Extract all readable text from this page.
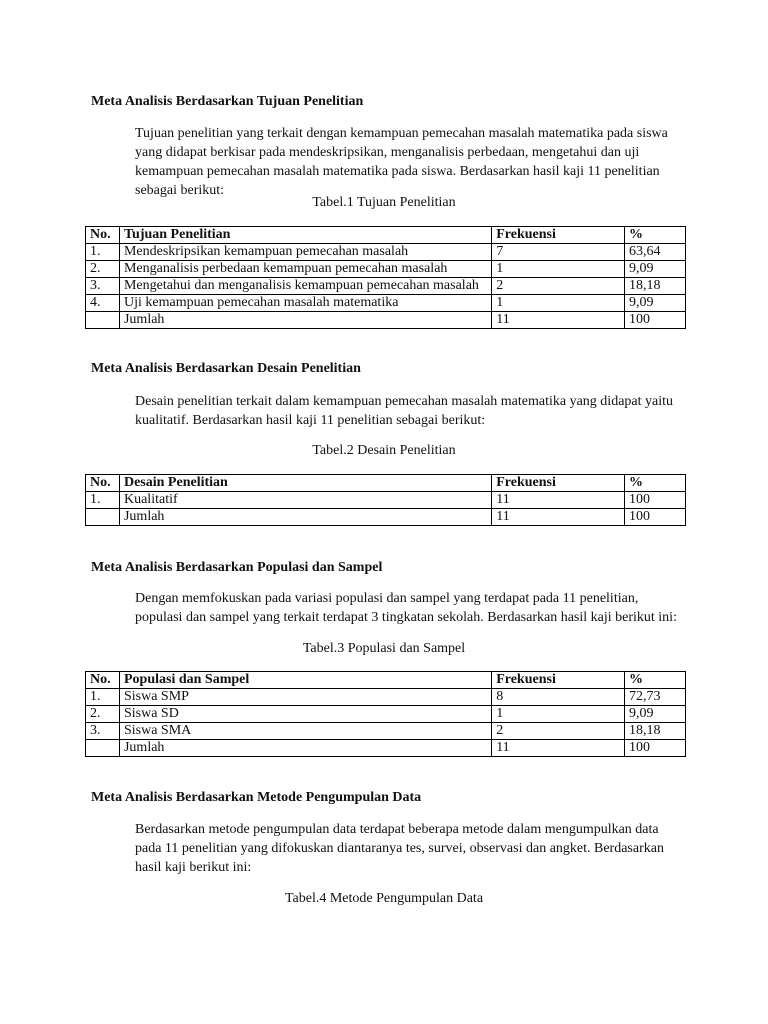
Meta Analisis Berdasarkan Tujuan Penelitian
Tujuan penelitian yang terkait dengan kemampuan pemecahan masalah matematika pada siswa yang didapat berkisar pada mendeskripsikan, menganalisis perbedaan, mengetahui dan uji kemampuan pemecahan masalah matematika pada siswa. Berdasarkan hasil kaji 11 penelitian sebagai berikut:
Tabel.1 Tujuan Penelitian
No.	Tujuan Penelitian	Frekuensi	%
1.	Mendeskripsikan kemampuan pemecahan masalah	7	63,64
2.	Menganalisis perbedaan kemampuan pemecahan masalah	1	9,09
3.	Mengetahui dan menganalisis kemampuan pemecahan masalah	2	18,18
4.	Uji kemampuan pemecahan masalah matematika	1	9,09
	Jumlah	11	100
Meta Analisis Berdasarkan Desain Penelitian
Desain penelitian terkait dalam kemampuan pemecahan masalah matematika yang didapat yaitu kualitatif. Berdasarkan hasil kaji 11 penelitian sebagai berikut:
Tabel.2 Desain Penelitian
No.	Desain Penelitian	Frekuensi	%
1.	Kualitatif	11	100
	Jumlah	11	100
Meta Analisis Berdasarkan Populasi dan Sampel
Dengan memfokuskan pada variasi populasi dan sampel yang terdapat pada 11 penelitian, populasi dan sampel yang terkait terdapat 3 tingkatan sekolah. Berdasarkan hasil kaji berikut ini:
Tabel.3 Populasi dan Sampel
No.	Populasi dan Sampel	Frekuensi	%
1.	Siswa SMP	8	72,73
2.	Siswa SD	1	9,09
3.	Siswa SMA	2	18,18
	Jumlah	11	100
Meta Analisis Berdasarkan Metode Pengumpulan Data
Berdasarkan metode pengumpulan data terdapat beberapa metode dalam mengumpulkan data pada 11 penelitian yang difokuskan diantaranya tes, survei, observasi dan angket. Berdasarkan hasil kaji berikut ini:
Tabel.4 Metode Pengumpulan Data
